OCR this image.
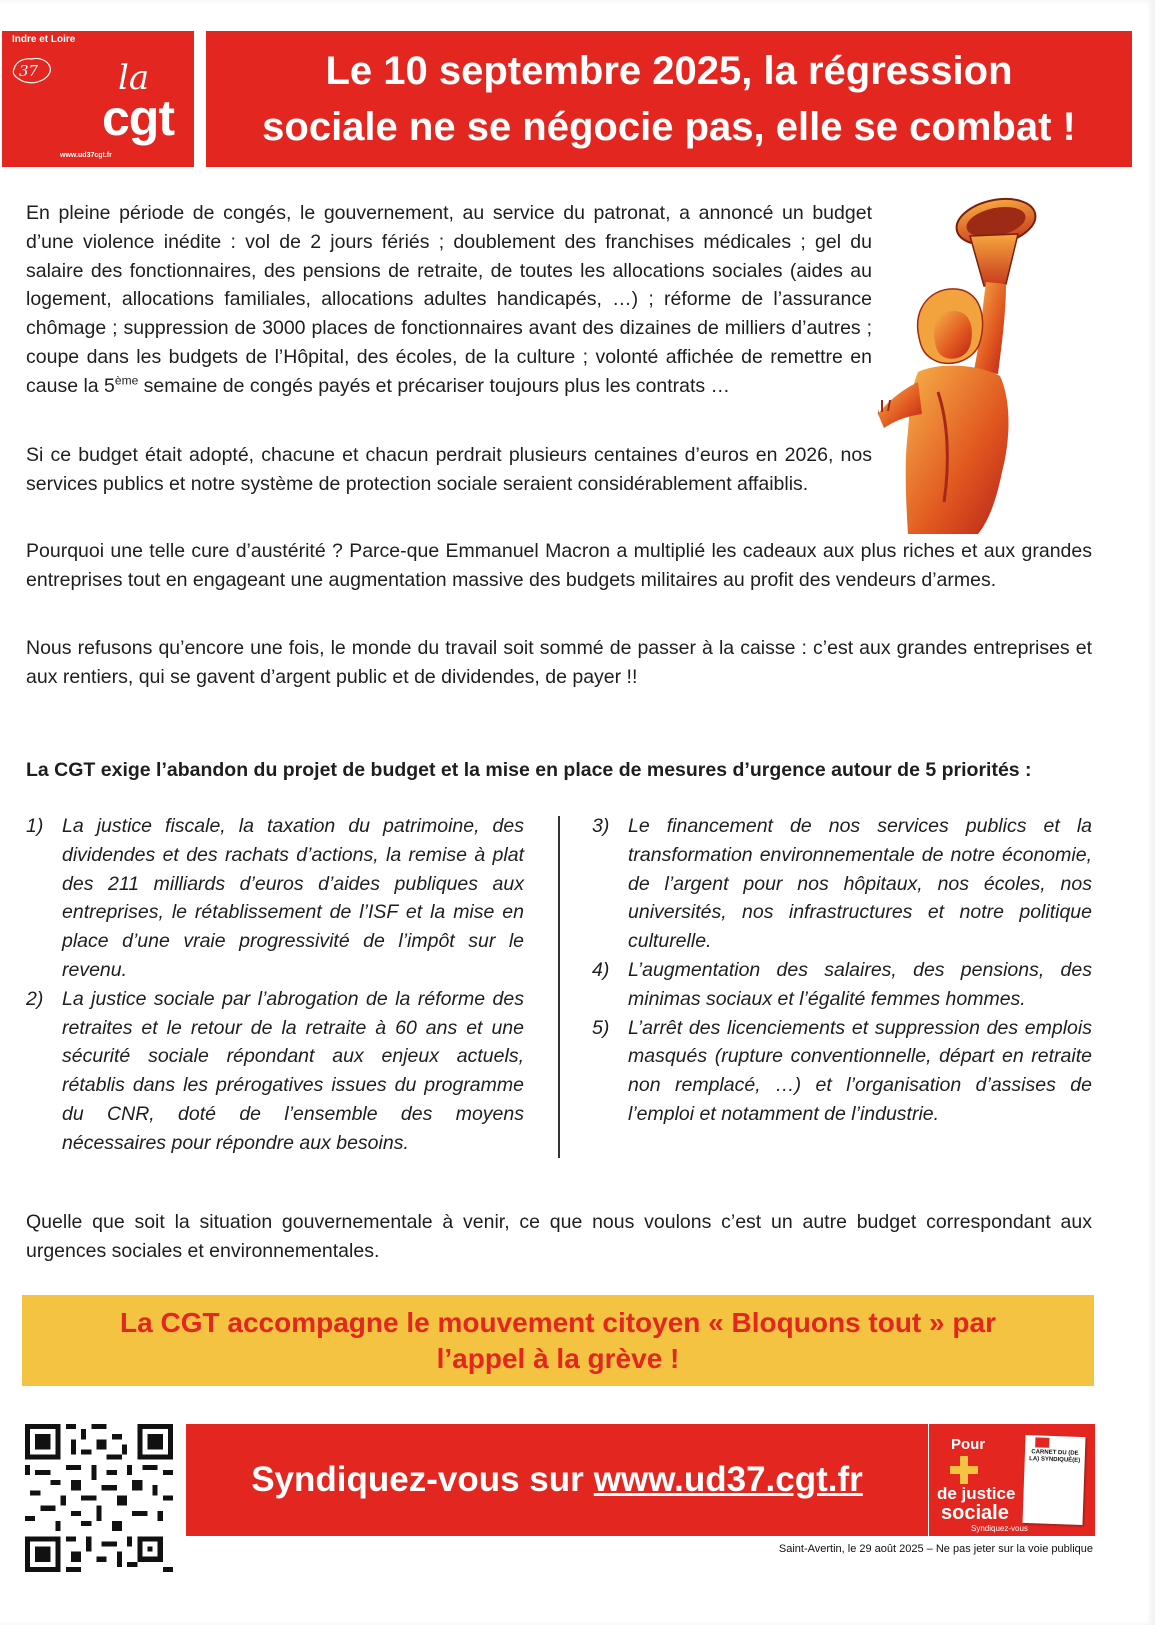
Indre et Loire
37 la
cgt
www.ud37cgt.fr
Le 10 septembre 2025, la régression
sociale ne se négocie pas, elle se combat !

En pleine période de congés, le gouvernement, au service du patronat, a annoncé un budget d’une violence inédite : vol de 2 jours fériés ; doublement des franchises médicales ; gel du salaire des fonctionnaires, des pensions de retraite, de toutes les allocations sociales (aides au logement, allocations familiales, allocations adultes handicapés, …) ; réforme de l’assurance chômage ; suppression de 3000 places de fonctionnaires avant des dizaines de milliers d’autres ; coupe dans les budgets de l’Hôpital, des écoles, de la culture ; volonté affichée de remettre en cause la 5ème semaine de congés payés et précariser toujours plus les contrats …

Si ce budget était adopté, chacune et chacun perdrait plusieurs centaines d’euros en 2026, nos services publics et notre système de protection sociale seraient considérablement affaiblis.

Pourquoi une telle cure d’austérité ? Parce-que Emmanuel Macron a multiplié les cadeaux aux plus riches et aux grandes entreprises tout en engageant une augmentation massive des budgets militaires au profit des vendeurs d’armes.

Nous refusons qu’encore une fois, le monde du travail soit sommé de passer à la caisse : c’est aux grandes entreprises et aux rentiers, qui se gavent d’argent public et de dividendes, de payer !!

La CGT exige l’abandon du projet de budget et la mise en place de mesures d’urgence autour de 5 priorités :

1) La justice fiscale, la taxation du patrimoine, des dividendes et des rachats d’actions, la remise à plat des 211 milliards d’euros d’aides publiques aux entreprises, le rétablissement de l’ISF et la mise en place d’une vraie progressivité de l’impôt sur le revenu.
2) La justice sociale par l’abrogation de la réforme des retraites et le retour de la retraite à 60 ans et une sécurité sociale répondant aux enjeux actuels, rétablis dans les prérogatives issues du programme du CNR, doté de l’ensemble des moyens nécessaires pour répondre aux besoins.
3) Le financement de nos services publics et la transformation environnementale de notre économie, de l’argent pour nos hôpitaux, nos écoles, nos universités, nos infrastructures et notre politique culturelle.
4) L’augmentation des salaires, des pensions, des minimas sociaux et l’égalité femmes hommes.
5) L’arrêt des licenciements et suppression des emplois masqués (rupture conventionnelle, départ en retraite non remplacé, …) et l’organisation d’assises de l’emploi et notamment de l’industrie.

Quelle que soit la situation gouvernementale à venir, ce que nous voulons c’est un autre budget correspondant aux urgences sociales et environnementales.

La CGT accompagne le mouvement citoyen « Bloquons tout » par
l’appel à la grève !

Syndiquez-vous sur www.ud37.cgt.fr
Pour
de justice
sociale
Syndiquez-vous
CARNET DU (DE LA) SYNDIQUÉ(E)

Saint-Avertin, le 29 août 2025 – Ne pas jeter sur la voie publique
